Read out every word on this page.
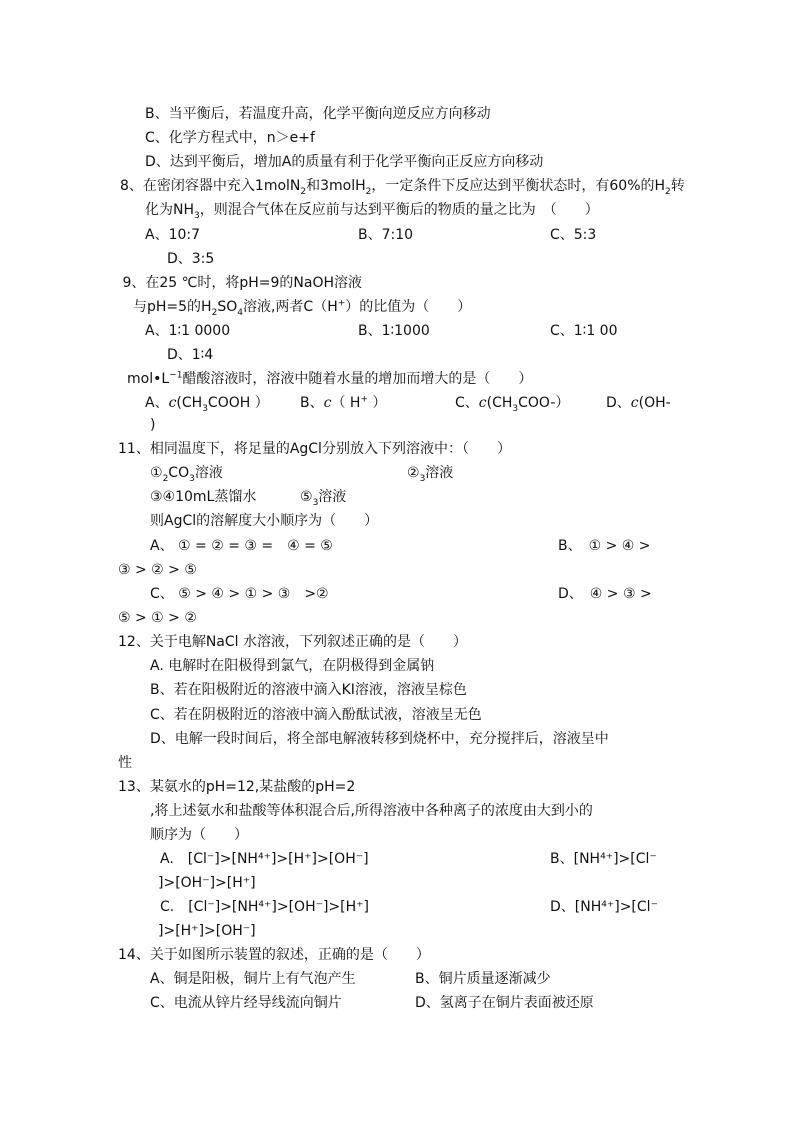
B、当平衡后，若温度升高，化学平衡向逆反应方向移动
C、化学方程式中，n＞e+f
D、达到平衡后，增加A的质量有利于化学平衡向正反应方向移动
8、在密闭容器中充入1molN$_2$和3molH$_2$，一定条件下反应达到平衡状态时，有60%的$H_2$转
化为$NH_3$，则混合气体在反应前与达到平衡后的物质的量之比为　（　　）
A、10:7	B、7:10	C、5:3
D、3:5
9、在25 ℃时，将pH=9的NaOH溶液
与pH=5的$H_2SO_4$溶液,两者C（H+）的比值为（　　）
A、1∶1 0000	B、1∶1000	C、1∶1 00
D、1∶4
$mol•L^{-1}$醋酸溶液时，溶液中随着水量的增加而增大的是（　　）
A、$c(CH_3COOH$ ） B、c（ H+ ）	C、$c(CH_3COO-)$	D、c(OH-
)
11、相同温度下，将足量的AgCl分别放入下列溶液中：（　　）
$①_2CO_3$溶液	$②_3$溶液
③④10mL蒸馏水	$⑤_3$溶液
则AgCl的溶解度大小顺序为（　　）
A、 ① = ② = ③ =　④ = ⑤	B、　① > ④ >
③ > ② > ⑤
C、 ⑤ > ④ > ① > ③　>②	D、　④ > ③ >
⑤ > ① > ②
12、关于电解NaCl 水溶液，下列叙述正确的是（　　）
A. 电解时在阳极得到氯气，在阴极得到金属钠
B、若在阳极附近的溶液中滴入KI溶液，溶液呈棕色
C、若在阴极附近的溶液中滴入酚酞试液，溶液呈无色
D、电解一段时间后，将全部电解液转移到烧杯中，充分搅拌后，溶液呈中
性
13、某氨水的pH=12,某盐酸的pH=2
,将上述氨水和盐酸等体积混合后,所得溶液中各种离子的浓度由大到小的
顺序为（　　）
A.　[Cl⁻]>[NH⁴⁺]>[H⁺]>[OH⁻]	B、[NH⁴⁺]>[Cl⁻
]>[OH⁻]>[H⁺]
C.　[Cl⁻]>[NH⁴⁺]>[OH⁻]>[H⁺]	D、[NH⁴⁺]>[Cl⁻
]>[H⁺]>[OH⁻]
14、关于如图所示装置的叙述，正确的是（　　）
A、铜是阳极，铜片上有气泡产生	B、铜片质量逐渐减少
C、电流从锌片经导线流向铜片	D、氢离子在铜片表面被还原
